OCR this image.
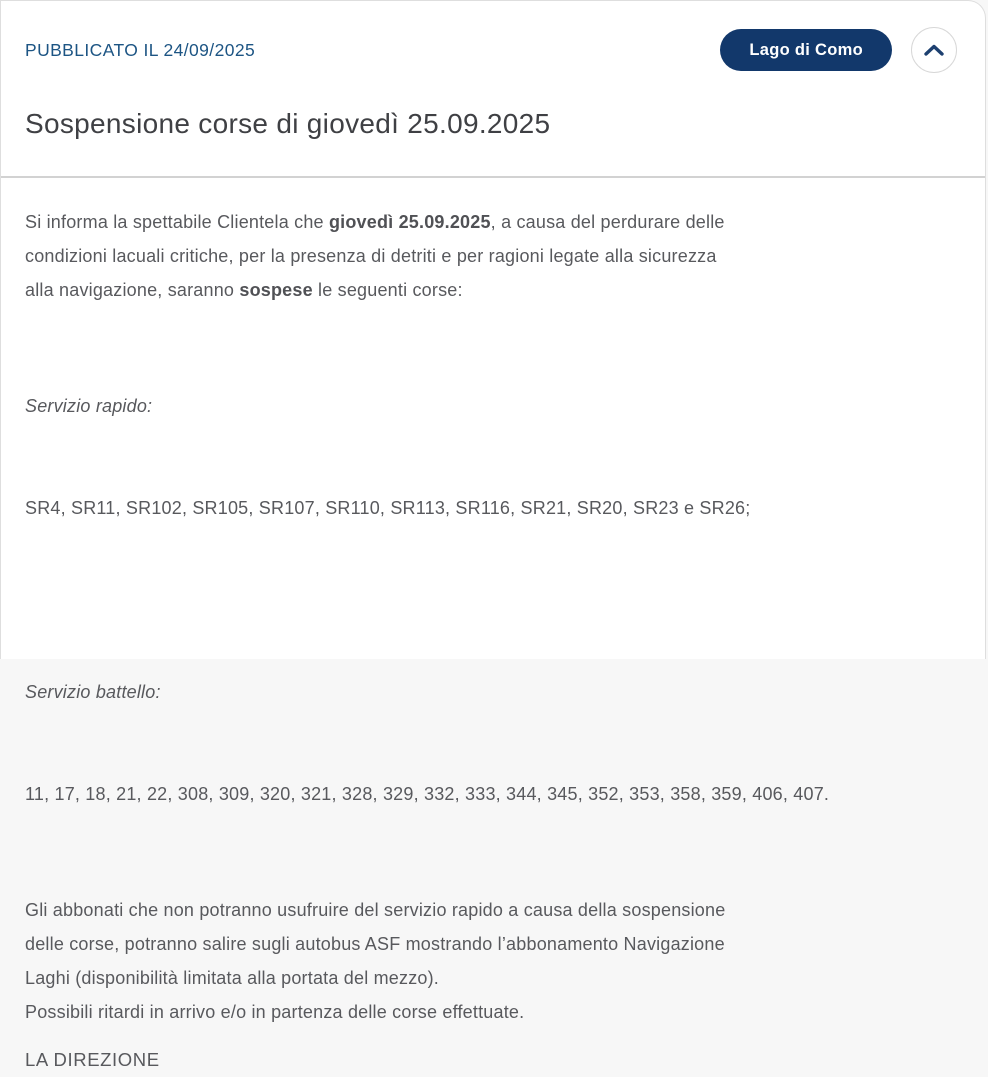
PUBBLICATO IL 24/09/2025	Lago di Como
Sospensione corse di giovedì 25.09.2025

Si informa la spettabile Clientela che giovedì 25.09.2025, a causa del perdurare delle
condizioni lacuali critiche, per la presenza di detriti e per ragioni legate alla sicurezza
alla navigazione, saranno sospese le seguenti corse:

Servizio rapido:

SR4, SR11, SR102, SR105, SR107, SR110, SR113, SR116, SR21, SR20, SR23 e SR26;

Servizio battello:

11, 17, 18, 21, 22, 308, 309, 320, 321, 328, 329, 332, 333, 344, 345, 352, 353, 358, 359, 406, 407.

Gli abbonati che non potranno usufruire del servizio rapido a causa della sospensione
delle corse, potranno salire sugli autobus ASF mostrando l’abbonamento Navigazione
Laghi (disponibilità limitata alla portata del mezzo).
Possibili ritardi in arrivo e/o in partenza delle corse effettuate.

LA DIREZIONE
